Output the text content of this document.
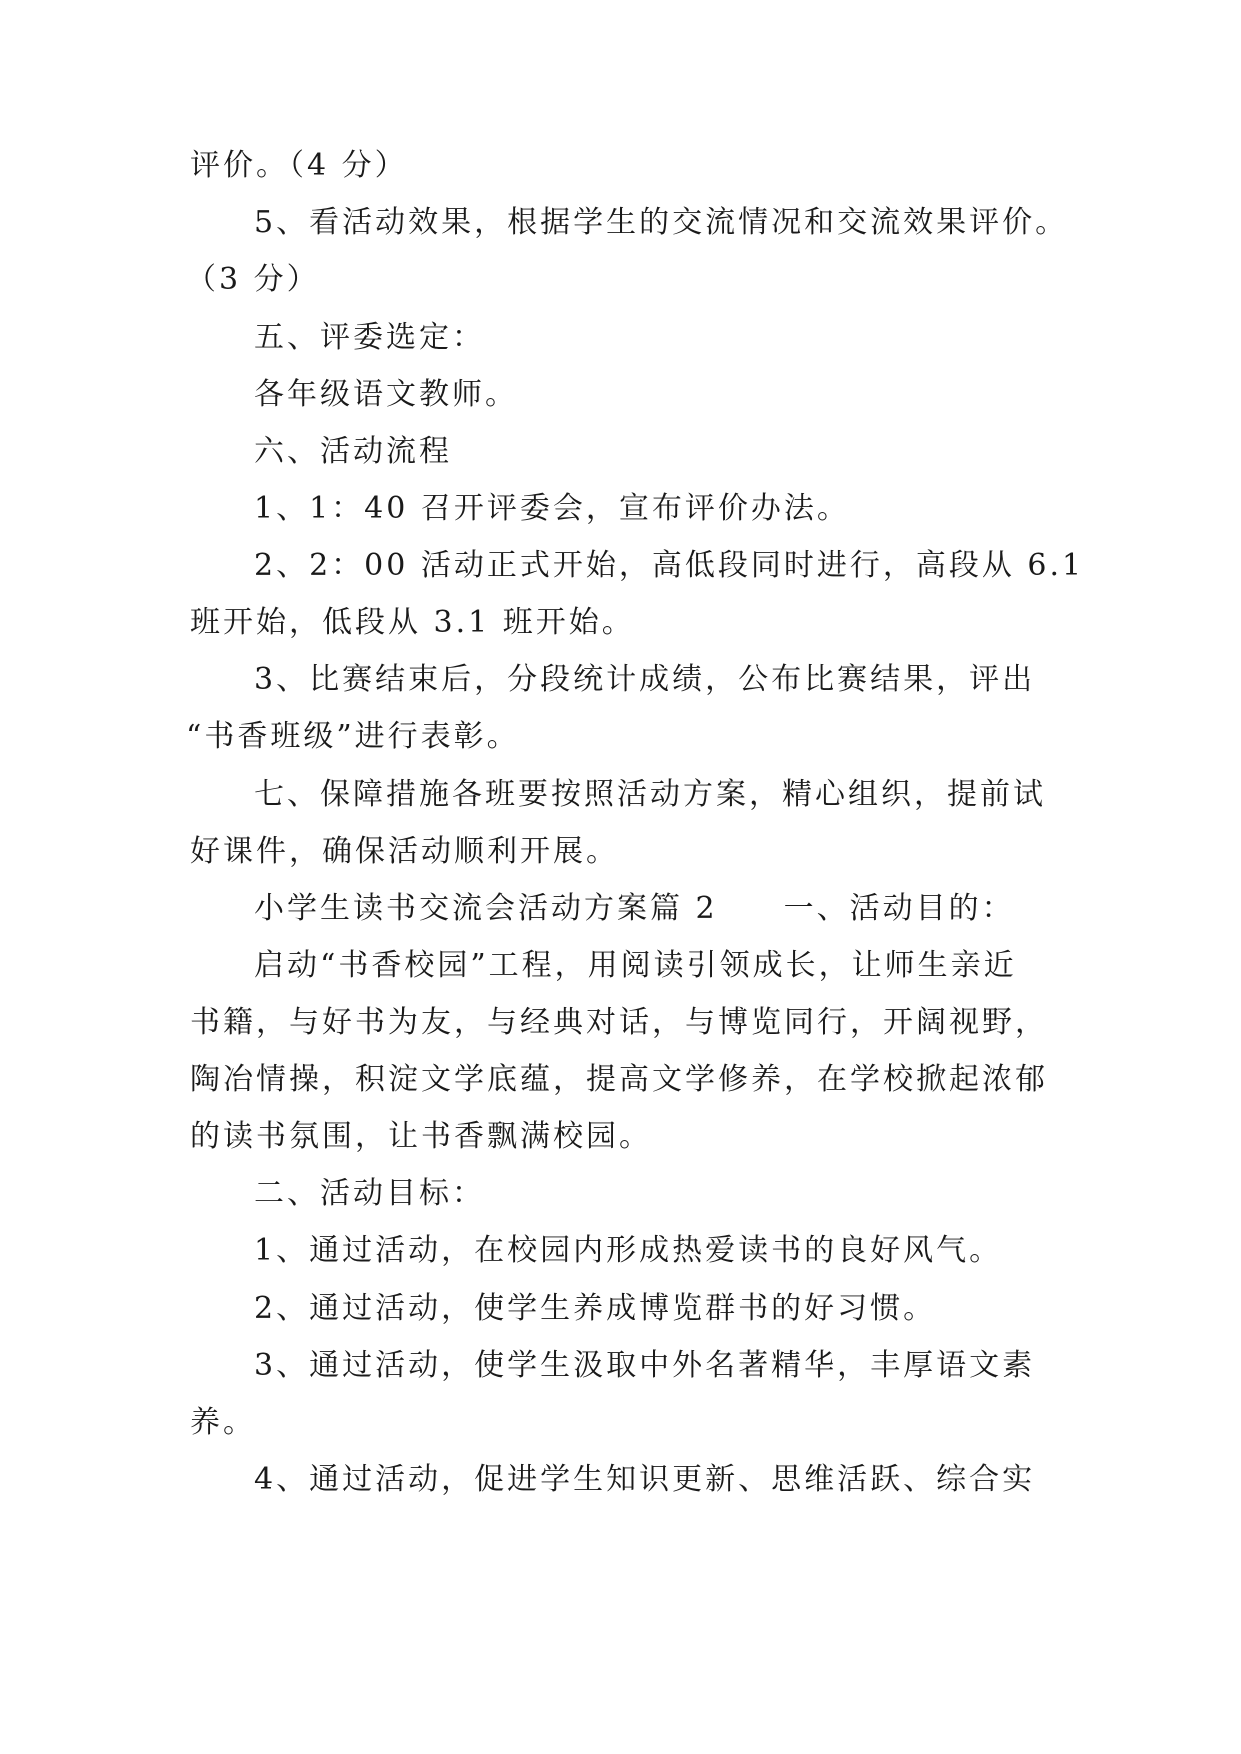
评价。（4 分）

5、看活动效果，根据学生的交流情况和交流效果评价。

（3 分）

五、评委选定：

各年级语文教师。

六、活动流程

1、1：40 召开评委会，宣布评价办法。

2、2：00 活动正式开始，高低段同时进行，高段从 6.1

班开始，低段从 3.1 班开始。

3、比赛结束后，分段统计成绩，公布比赛结果，评出

“书香班级”进行表彰。

七、保障措施各班要按照活动方案，精心组织，提前试

好课件，确保活动顺利开展。

小学生读书交流会活动方案篇 2　　一、活动目的：

启动“书香校园”工程，用阅读引领成长，让师生亲近

书籍，与好书为友，与经典对话，与博览同行，开阔视野，

陶冶情操，积淀文学底蕴，提高文学修养，在学校掀起浓郁

的读书氛围，让书香飘满校园。

二、活动目标：

1、通过活动，在校园内形成热爱读书的良好风气。

2、通过活动，使学生养成博览群书的好习惯。

3、通过活动，使学生汲取中外名著精华，丰厚语文素

养。

4、通过活动，促进学生知识更新、思维活跃、综合实
